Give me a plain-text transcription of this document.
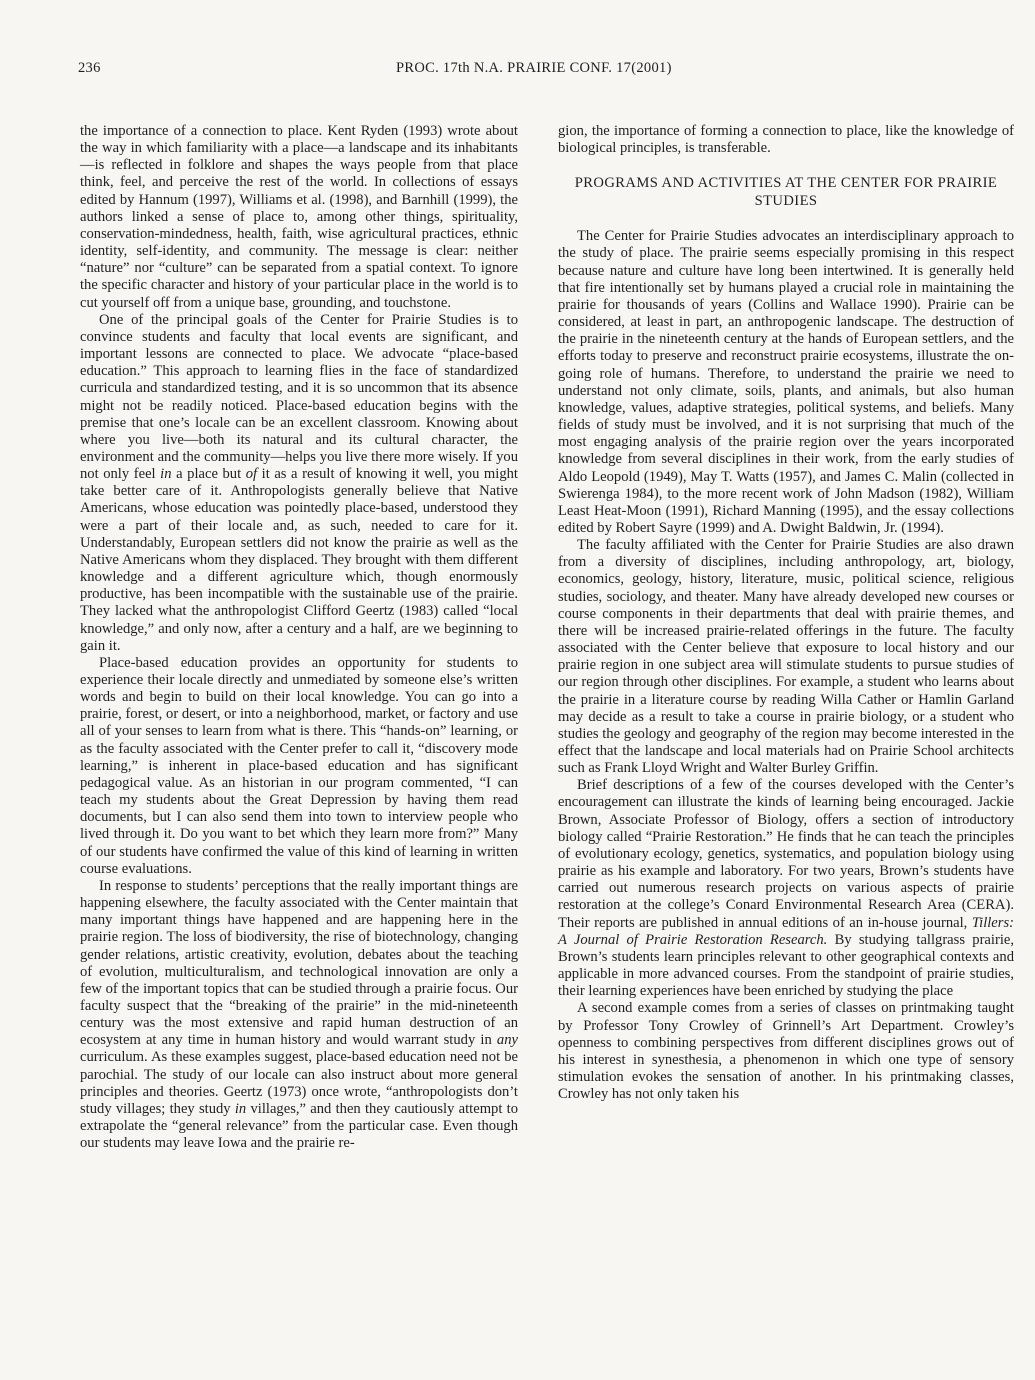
236	PROC. 17th N.A. PRAIRIE CONF. 17(2001)

the importance of a connection to place. Kent Ryden (1993) wrote about the way in which familiarity with a place—a landscape and its inhabitants—is reflected in folklore and shapes the ways people from that place think, feel, and perceive the rest of the world. In collections of essays edited by Hannum (1997), Williams et al. (1998), and Barnhill (1999), the authors linked a sense of place to, among other things, spirituality, conservation-mindedness, health, faith, wise agricultural practices, ethnic identity, self-identity, and community. The message is clear: neither “nature” nor “culture” can be separated from a spatial context. To ignore the specific character and history of your particular place in the world is to cut yourself off from a unique base, grounding, and touchstone.

One of the principal goals of the Center for Prairie Studies is to convince students and faculty that local events are significant, and important lessons are connected to place. We advocate “place-based education.” This approach to learning flies in the face of standardized curricula and standardized testing, and it is so uncommon that its absence might not be readily noticed. Place-based education begins with the premise that one’s locale can be an excellent classroom. Knowing about where you live—both its natural and its cultural character, the environment and the community—helps you live there more wisely. If you not only feel in a place but of it as a result of knowing it well, you might take better care of it. Anthropologists generally believe that Native Americans, whose education was pointedly place-based, understood they were a part of their locale and, as such, needed to care for it. Understandably, European settlers did not know the prairie as well as the Native Americans whom they displaced. They brought with them different knowledge and a different agriculture which, though enormously productive, has been incompatible with the sustainable use of the prairie. They lacked what the anthropologist Clifford Geertz (1983) called “local knowledge,” and only now, after a century and a half, are we beginning to gain it.

Place-based education provides an opportunity for students to experience their locale directly and unmediated by someone else’s written words and begin to build on their local knowledge. You can go into a prairie, forest, or desert, or into a neighborhood, market, or factory and use all of your senses to learn from what is there. This “hands-on” learning, or as the faculty associated with the Center prefer to call it, “discovery mode learning,” is inherent in place-based education and has significant pedagogical value. As an historian in our program commented, “I can teach my students about the Great Depression by having them read documents, but I can also send them into town to interview people who lived through it. Do you want to bet which they learn more from?” Many of our students have confirmed the value of this kind of learning in written course evaluations.

In response to students’ perceptions that the really important things are happening elsewhere, the faculty associated with the Center maintain that many important things have happened and are happening here in the prairie region. The loss of biodiversity, the rise of biotechnology, changing gender relations, artistic creativity, evolution, debates about the teaching of evolution, multiculturalism, and technological innovation are only a few of the important topics that can be studied through a prairie focus. Our faculty suspect that the “breaking of the prairie” in the mid-nineteenth century was the most extensive and rapid human destruction of an ecosystem at any time in human history and would warrant study in any curriculum. As these examples suggest, place-based education need not be parochial. The study of our locale can also instruct about more general principles and theories. Geertz (1973) once wrote, “anthropologists don’t study villages; they study in villages,” and then they cautiously attempt to extrapolate the “general relevance” from the particular case. Even though our students may leave Iowa and the prairie re-

gion, the importance of forming a connection to place, like the knowledge of biological principles, is transferable.

PROGRAMS AND ACTIVITIES AT THE CENTER FOR PRAIRIE STUDIES

The Center for Prairie Studies advocates an interdisciplinary approach to the study of place. The prairie seems especially promising in this respect because nature and culture have long been intertwined. It is generally held that fire intentionally set by humans played a crucial role in maintaining the prairie for thousands of years (Collins and Wallace 1990). Prairie can be considered, at least in part, an anthropogenic landscape. The destruction of the prairie in the nineteenth century at the hands of European settlers, and the efforts today to preserve and reconstruct prairie ecosystems, illustrate the on-going role of humans. Therefore, to understand the prairie we need to understand not only climate, soils, plants, and animals, but also human knowledge, values, adaptive strategies, political systems, and beliefs. Many fields of study must be involved, and it is not surprising that much of the most engaging analysis of the prairie region over the years incorporated knowledge from several disciplines in their work, from the early studies of Aldo Leopold (1949), May T. Watts (1957), and James C. Malin (collected in Swierenga 1984), to the more recent work of John Madson (1982), William Least Heat-Moon (1991), Richard Manning (1995), and the essay collections edited by Robert Sayre (1999) and A. Dwight Baldwin, Jr. (1994).

The faculty affiliated with the Center for Prairie Studies are also drawn from a diversity of disciplines, including anthropology, art, biology, economics, geology, history, literature, music, political science, religious studies, sociology, and theater. Many have already developed new courses or course components in their departments that deal with prairie themes, and there will be increased prairie-related offerings in the future. The faculty associated with the Center believe that exposure to local history and our prairie region in one subject area will stimulate students to pursue studies of our region through other disciplines. For example, a student who learns about the prairie in a literature course by reading Willa Cather or Hamlin Garland may decide as a result to take a course in prairie biology, or a student who studies the geology and geography of the region may become interested in the effect that the landscape and local materials had on Prairie School architects such as Frank Lloyd Wright and Walter Burley Griffin.

Brief descriptions of a few of the courses developed with the Center’s encouragement can illustrate the kinds of learning being encouraged. Jackie Brown, Associate Professor of Biology, offers a section of introductory biology called “Prairie Restoration.” He finds that he can teach the principles of evolutionary ecology, genetics, systematics, and population biology using prairie as his example and laboratory. For two years, Brown’s students have carried out numerous research projects on various aspects of prairie restoration at the college’s Conard Environmental Research Area (CERA). Their reports are published in annual editions of an in-house journal, Tillers: A Journal of Prairie Restoration Research. By studying tallgrass prairie, Brown’s students learn principles relevant to other geographical contexts and applicable in more advanced courses. From the standpoint of prairie studies, their learning experiences have been enriched by studying the place

A second example comes from a series of classes on printmaking taught by Professor Tony Crowley of Grinnell’s Art Department. Crowley’s openness to combining perspectives from different disciplines grows out of his interest in synesthesia, a phenomenon in which one type of sensory stimulation evokes the sensation of another. In his printmaking classes, Crowley has not only taken his
